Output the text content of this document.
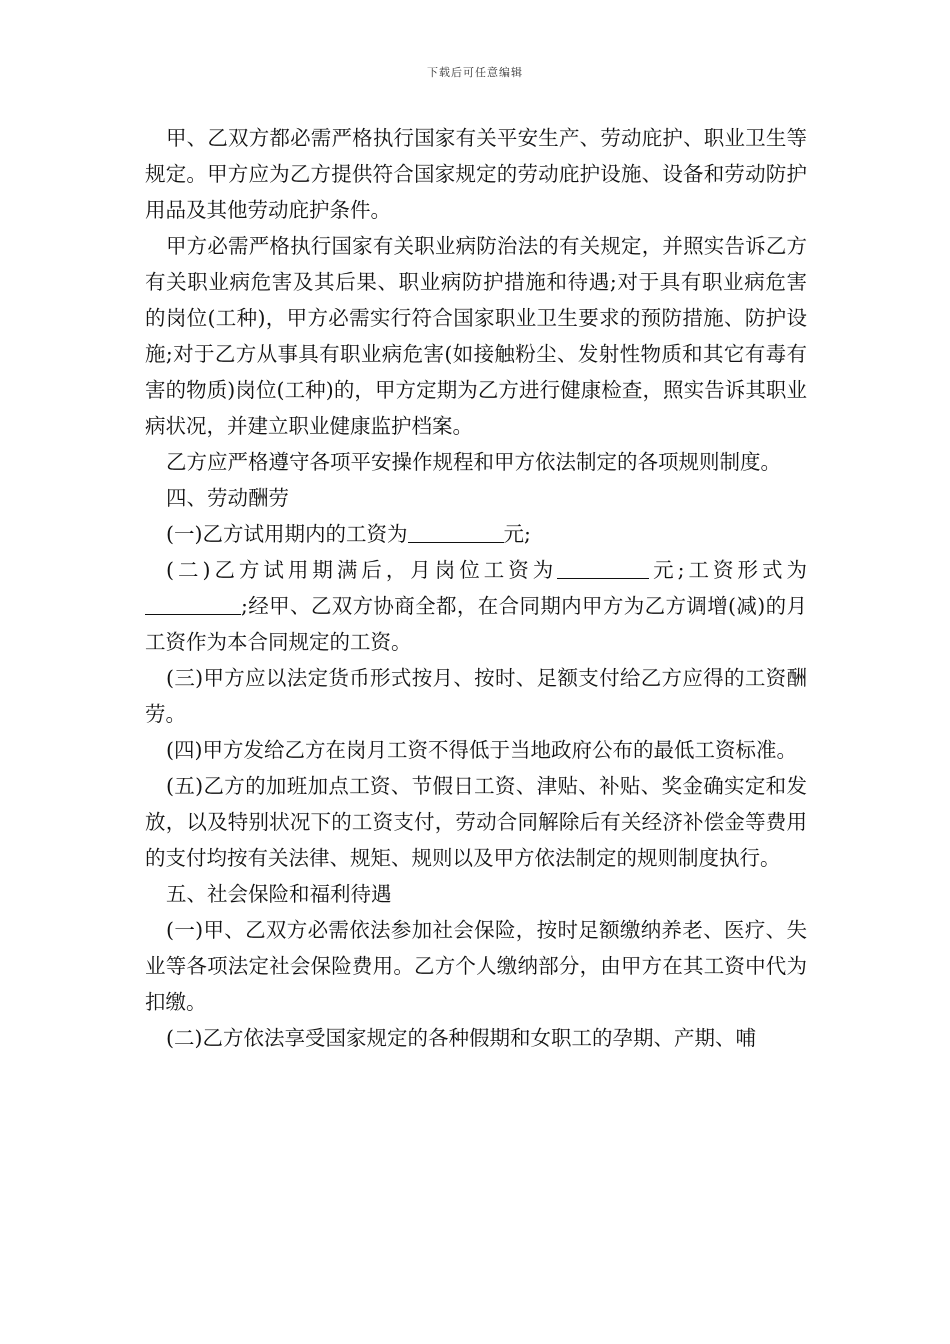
下载后可任意编辑

甲、乙双方都必需严格执行国家有关平安生产、劳动庇护、职业卫生等规定。甲方应为乙方提供符合国家规定的劳动庇护设施、设备和劳动防护用品及其他劳动庇护条件。

甲方必需严格执行国家有关职业病防治法的有关规定，并照实告诉乙方有关职业病危害及其后果、职业病防护措施和待遇;对于具有职业病危害的岗位(工种)，甲方必需实行符合国家职业卫生要求的预防措施、防护设施;对于乙方从事具有职业病危害(如接触粉尘、发射性物质和其它有毒有害的物质)岗位(工种)的，甲方定期为乙方进行健康检查，照实告诉其职业病状况，并建立职业健康监护档案。

乙方应严格遵守各项平安操作规程和甲方依法制定的各项规则制度。

四、劳动酬劳

(一)乙方试用期内的工资为	元;

(二)乙方试用期满后，月岗位工资为	元;工资形式为;经甲、乙双方协商全都，在合同期内甲方为乙方调增(减)的月工资作为本合同规定的工资。

(三)甲方应以法定货币形式按月、按时、足额支付给乙方应得的工资酬劳。

(四)甲方发给乙方在岗月工资不得低于当地政府公布的最低工资标准。

(五)乙方的加班加点工资、节假日工资、津贴、补贴、奖金确实定和发放，以及特别状况下的工资支付，劳动合同解除后有关经济补偿金等费用的支付均按有关法律、规矩、规则以及甲方依法制定的规则制度执行。

五、社会保险和福利待遇

(一)甲、乙双方必需依法参加社会保险，按时足额缴纳养老、医疗、失业等各项法定社会保险费用。乙方个人缴纳部分，由甲方在其工资中代为扣缴。

(二)乙方依法享受国家规定的各种假期和女职工的孕期、产期、哺
